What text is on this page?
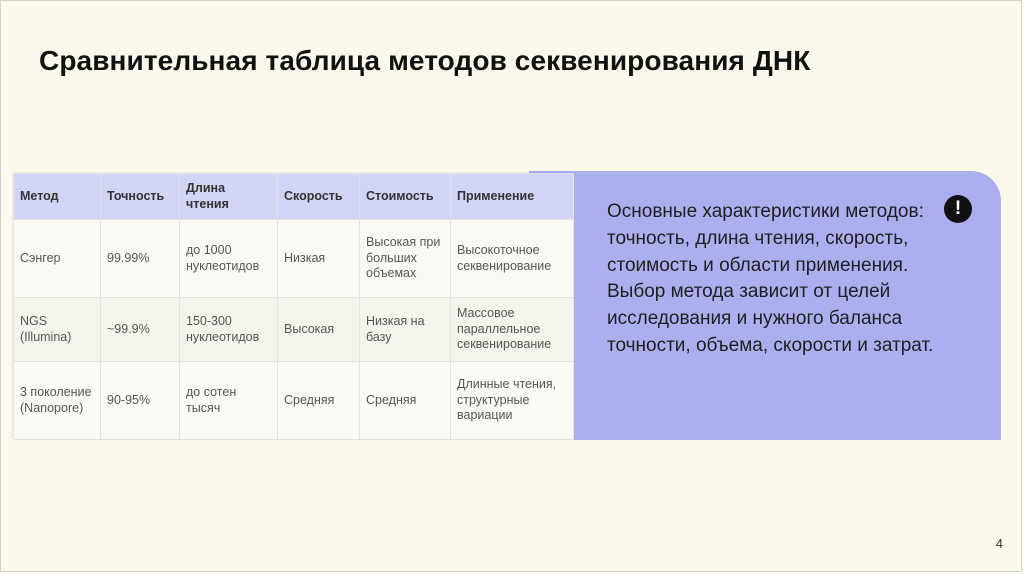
Сравнительная таблица методов секвенирования ДНК

Основные характеристики методов: точность, длина чтения, скорость, стоимость и области применения.

Выбор метода зависит от целей исследования и нужного баланса точности, объема, скорости и затрат.

!
Метод	Точность	Длина чтения	Скорость	Стоимость	Применение
Сэнгер	99.99%	до 1000 нуклеотидов	Низкая	Высокая при больших объемах	Высокоточное секвенирование
NGS (Illumina)	~99.9%	150-300 нуклеотидов	Высокая	Низкая на базу	Массовое параллельное секвенирование
3 поколение (Nanopore)	90-95%	до сотен тысяч	Средняя	Средняя	Длинные чтения, структурные вариации
4
